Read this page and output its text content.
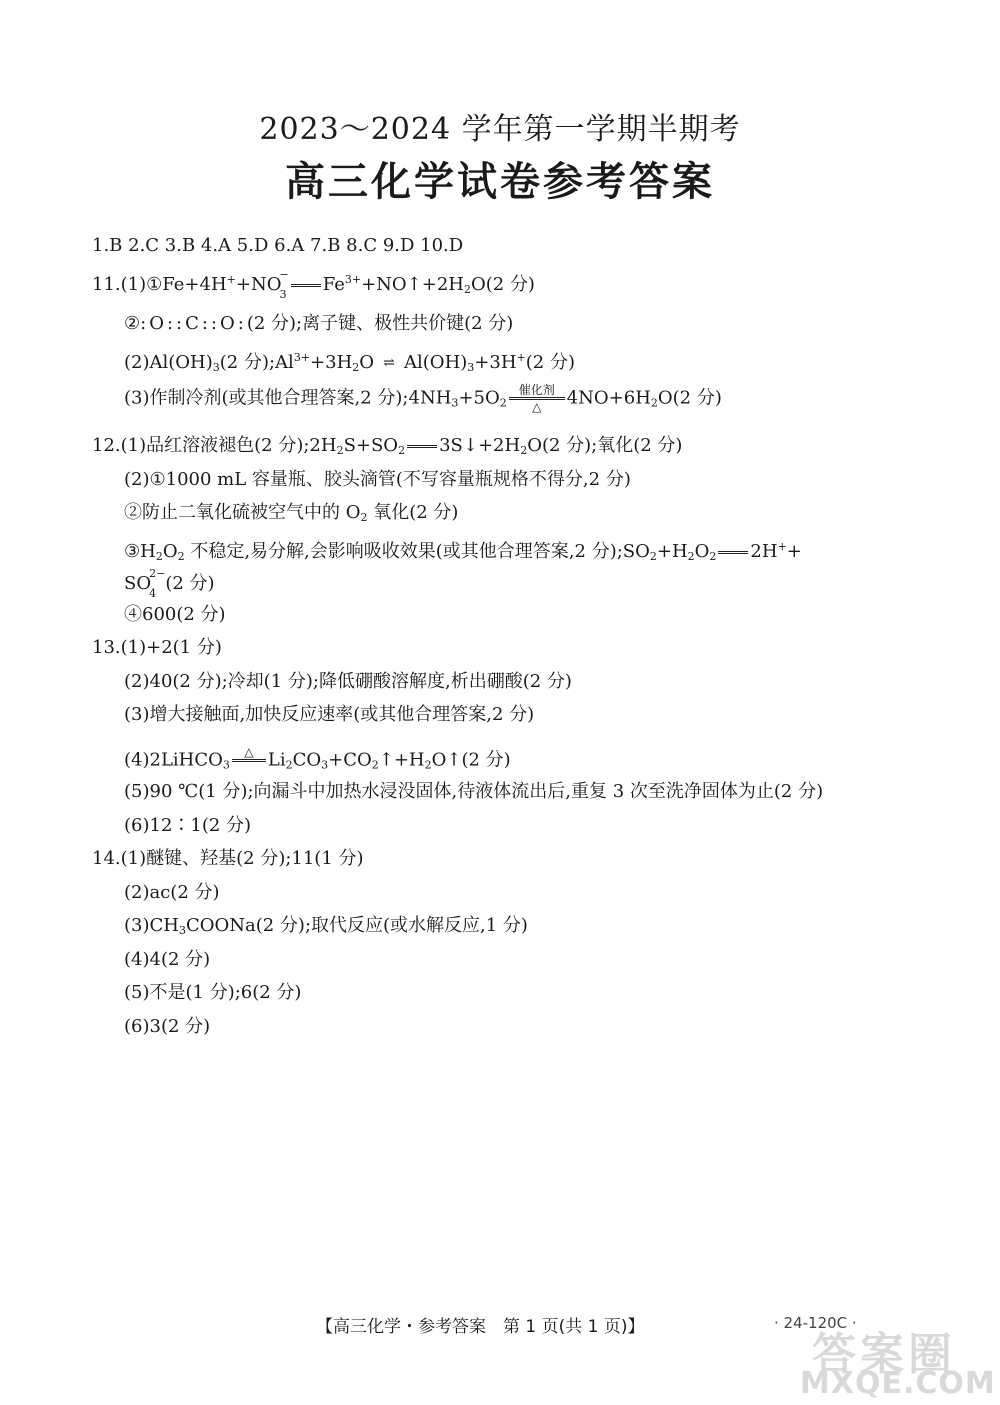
2023～2024 学年第一学期半期考
高三化学试卷参考答案
1.B 2.C 3.B 4.A 5.D 6.A 7.B 8.C 9.D 10.D
11.(1)①Fe+4H++NO−
$_3$ $Fe^{3+}+NO↑+2H_2O(2$ 分)
②:O::C::O:(2 分);离子键、极性共价键(2 分)
$(2)Al(OH)_3(2$ 分)$;Al^{3+}+3H_2O$ ⇌ $Al(OH)_3+3H^+(2$ 分)
(3)作制冷剂(或其他合理答案,2 分)$;4NH_3+5O_2$
催化剂
△	$4NO+6H_2O(2$ 分)
12.(1)品红溶液褪色(2 分)$;2H_2S+SO_2$ $3S↓+2H_2O(2$ 分);氧化(2 分)
(2)①1000 mL 容量瓶、胶头滴管(不写容量瓶规格不得分,2 分)
②防止二氧化硫被空气中的 $O_2$ 氧化(2 分)
$③H_2O_2$ 不稳定,易分解,会影响吸收效果(或其他合理答案,2 分)$;SO_2+H_2O_2$ 2H++
$SO^{2-}$
$_4$ (2 分)
④600(2 分)
13.(1)+2(1 分)
(2)40(2 分);冷却(1 分);降低硼酸溶解度,析出硼酸(2 分)
(3)增大接触面,加快反应速率(或其他合理答案,2 分)
(4)2LiHCO$_3$
△
$Li_2CO_3+CO_2↑+H_2O↑(2$ 分)
(5)90 ℃(1 分);向漏斗中加热水浸没固体,待液体流出后,重复 3 次至洗净固体为止(2 分)
(6)12∶1(2 分)
14.(1)醚键、羟基(2 分);11(1 分)
(2)ac(2 分)
$(3)CH_3COONa(2$ 分);取代反应(或水解反应,1 分)
(4)4(2 分)
(5)不是(1 分);6(2 分)
(6)3(2 分)
【高三化学・参考答案　第 1 页(共 1 页)】	· 24-120C ·
答案圈
MXQE.COM
